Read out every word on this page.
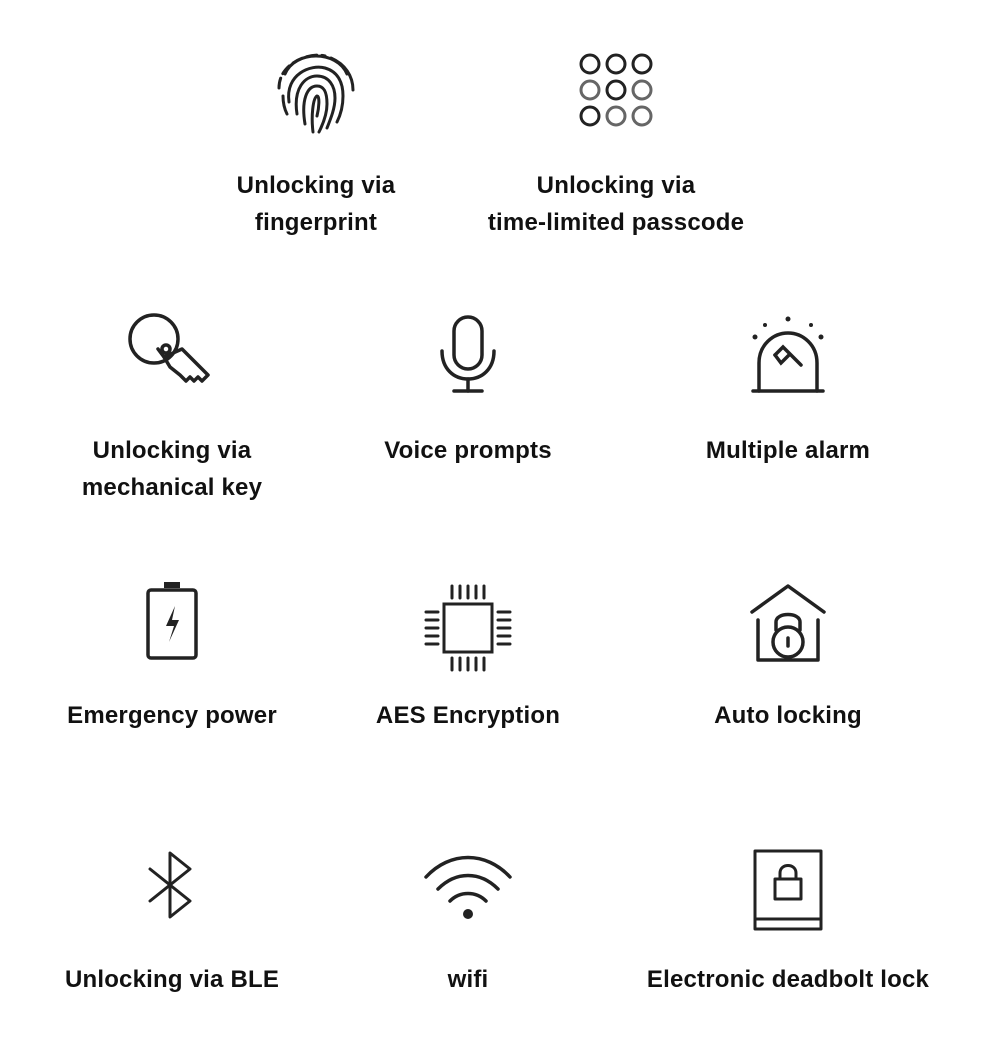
Unlocking via
fingerprint
Unlocking via
time-limited passcode
Unlocking via
mechanical key
Voice prompts	Multiple alarm
Emergency power	AES Encryption	Auto locking
Unlocking via BLE	wifi	Electronic deadbolt lock
